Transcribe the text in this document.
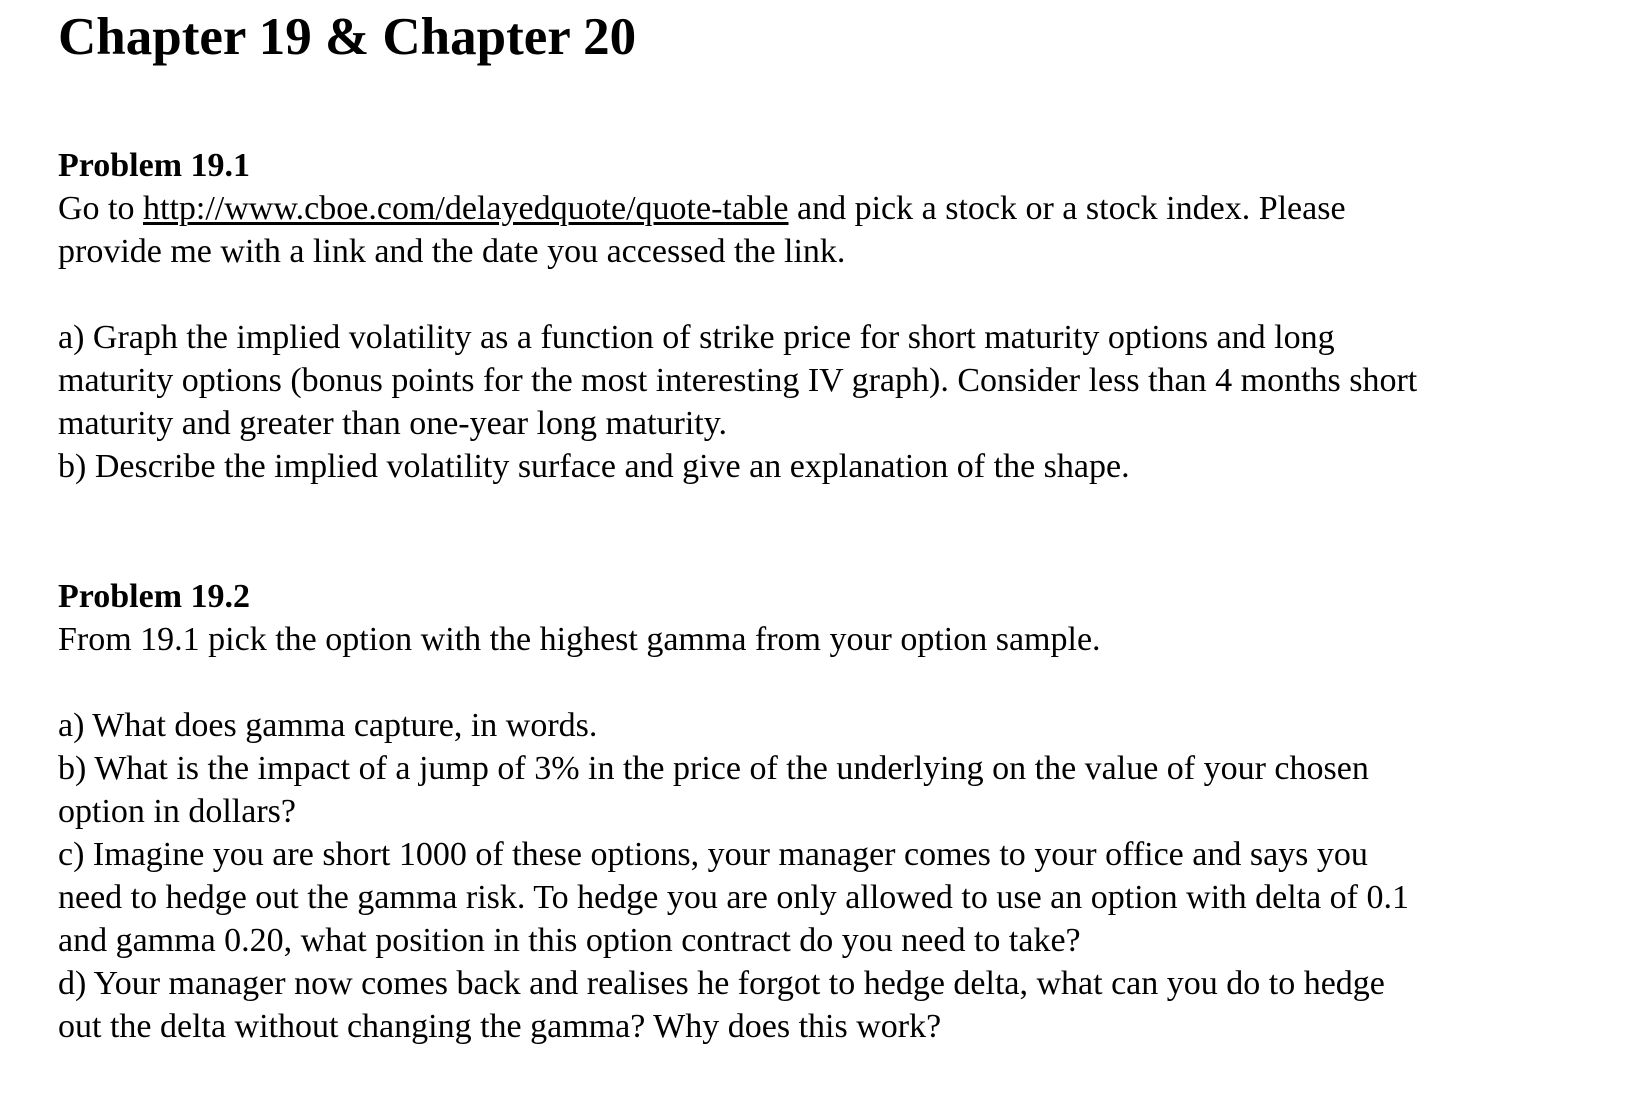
Chapter 19 & Chapter 20

Problem 19.1

Go to http://www.cboe.com/delayedquote/quote-table and pick a stock or a stock index. Please

provide me with a link and the date you accessed the link.

a) Graph the implied volatility as a function of strike price for short maturity options and long

maturity options (bonus points for the most interesting IV graph). Consider less than 4 months short

maturity and greater than one-year long maturity.

b) Describe the implied volatility surface and give an explanation of the shape.

Problem 19.2

From 19.1 pick the option with the highest gamma from your option sample.

a) What does gamma capture, in words.

b) What is the impact of a jump of 3% in the price of the underlying on the value of your chosen

option in dollars?

c) Imagine you are short 1000 of these options, your manager comes to your office and says you

need to hedge out the gamma risk. To hedge you are only allowed to use an option with delta of 0.1

and gamma 0.20, what position in this option contract do you need to take?

d) Your manager now comes back and realises he forgot to hedge delta, what can you do to hedge

out the delta without changing the gamma? Why does this work?
